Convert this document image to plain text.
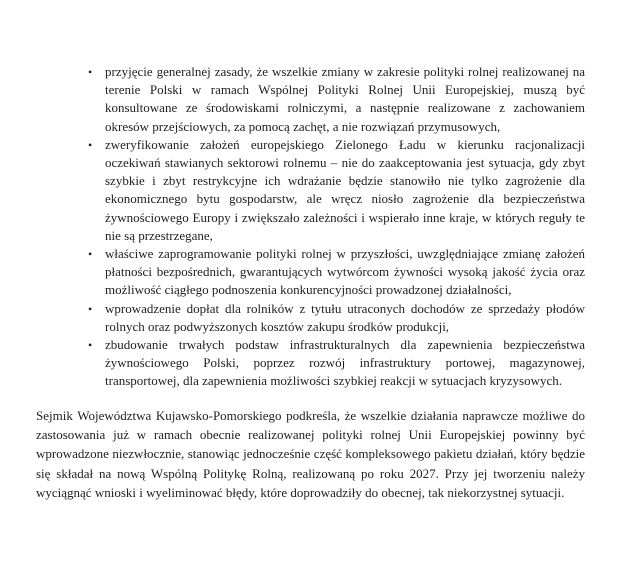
• przyjęcie generalnej zasady, że wszelkie zmiany w zakresie polityki rolnej realizowanej na terenie Polski w ramach Wspólnej Polityki Rolnej Unii Europejskiej, muszą być konsultowane ze środowiskami rolniczymi, a następnie realizowane z zachowaniem okresów przejściowych, za pomocą zachęt, a nie rozwiązań przymusowych,
• zweryfikowanie założeń europejskiego Zielonego Ładu w kierunku racjonalizacji oczekiwań stawianych sektorowi rolnemu – nie do zaakceptowania jest sytuacja, gdy zbyt szybkie i zbyt restrykcyjne ich wdrażanie będzie stanowiło nie tylko zagrożenie dla ekonomicznego bytu gospodarstw, ale wręcz niosło zagrożenie dla bezpieczeństwa żywnościowego Europy i zwiększało zależności i wspierało inne kraje, w których reguły te nie są przestrzegane,
• właściwe zaprogramowanie polityki rolnej w przyszłości, uwzględniające zmianę założeń płatności bezpośrednich, gwarantujących wytwórcom żywności wysoką jakość życia oraz możliwość ciągłego podnoszenia konkurencyjności prowadzonej działalności,
• wprowadzenie dopłat dla rolników z tytułu utraconych dochodów ze sprzedaży płodów rolnych oraz podwyższonych kosztów zakupu środków produkcji,
• zbudowanie trwałych podstaw infrastrukturalnych dla zapewnienia bezpieczeństwa żywnościowego Polski, poprzez rozwój infrastruktury portowej, magazynowej, transportowej, dla zapewnienia możliwości szybkiej reakcji w sytuacjach kryzysowych.

Sejmik Województwa Kujawsko-Pomorskiego podkreśla, że wszelkie działania naprawcze możliwe do zastosowania już w ramach obecnie realizowanej polityki rolnej Unii Europejskiej powinny być wprowadzone niezwłocznie, stanowiąc jednocześnie część kompleksowego pakietu działań, który będzie się składał na nową Wspólną Politykę Rolną, realizowaną po roku 2027. Przy jej tworzeniu należy wyciągnąć wnioski i wyeliminować błędy, które doprowadziły do obecnej, tak niekorzystnej sytuacji.
